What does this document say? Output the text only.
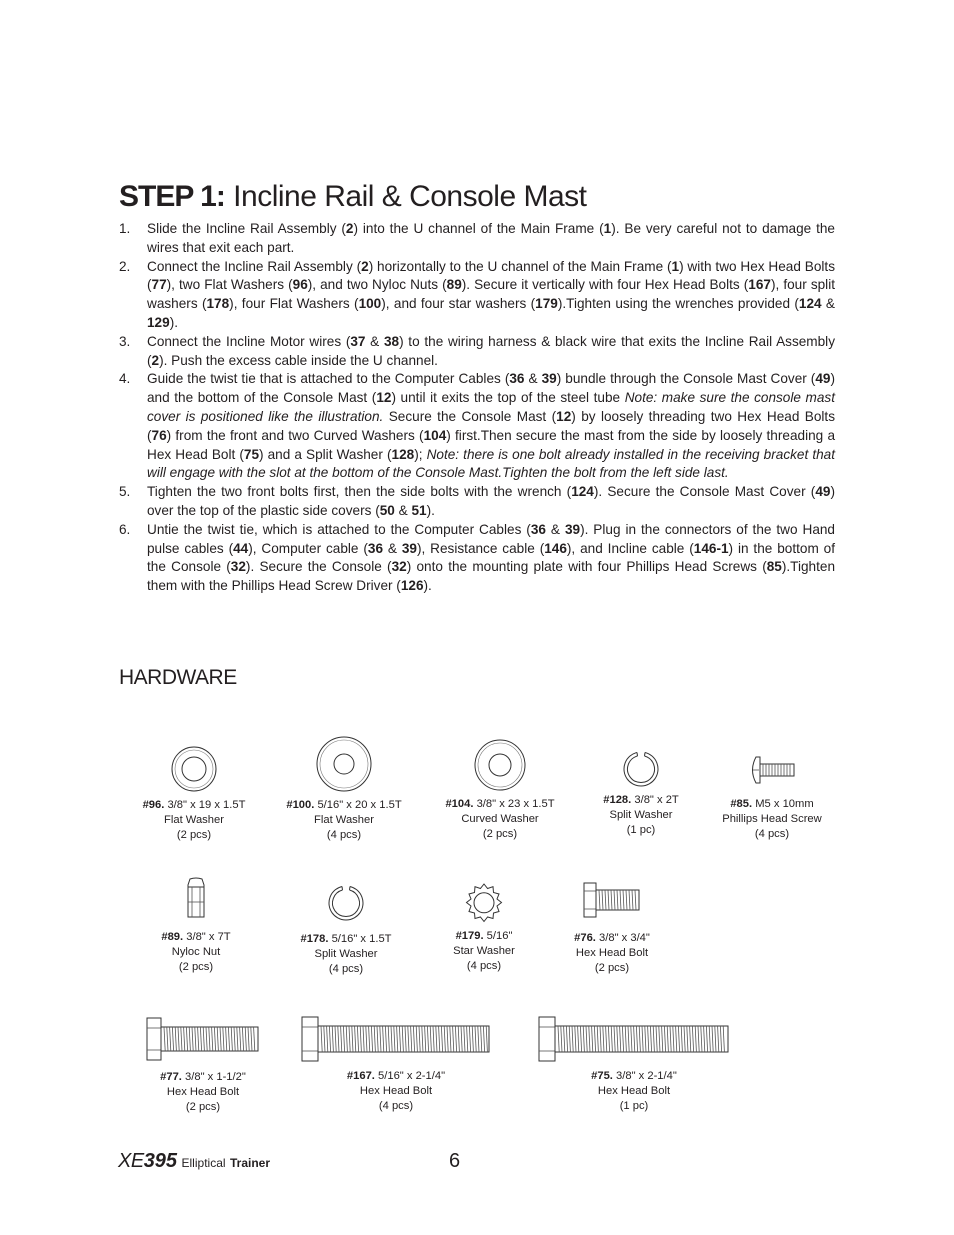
STEP 1: Incline Rail & Console Mast
1. Slide the Incline Rail Assembly (2) into the U channel of the Main Frame (1). Be very careful not to damage the wires that exit each part.
2. Connect the Incline Rail Assembly (2) horizontally to the U channel of the Main Frame (1) with two Hex Head Bolts (77), two Flat Washers (96), and two Nyloc Nuts (89). Secure it vertically with four Hex Head Bolts (167), four split washers (178), four Flat Washers (100), and four star washers (179).Tighten using the wrenches provided (124 & 129).
3. Connect the Incline Motor wires (37 & 38) to the wiring harness & black wire that exits the Incline Rail Assembly (2). Push the excess cable inside the U channel.
4. Guide the twist tie that is attached to the Computer Cables (36 & 39) bundle through the Console Mast Cover (49) and the bottom of the Console Mast (12) until it exits the top of the steel tube Note: make sure the console mast cover is positioned like the illustration. Secure the Console Mast (12) by loosely threading two Hex Head Bolts (76) from the front and two Curved Washers (104) first.Then secure the mast from the side by loosely threading a Hex Head Bolt (75) and a Split Washer (128); Note: there is one bolt already installed in the receiving bracket that will engage with the slot at the bottom of the Console Mast.Tighten the bolt from the left side last.
5. Tighten the two front bolts first, then the side bolts with the wrench (124). Secure the Console Mast Cover (49) over the top of the plastic side covers (50 & 51).
6. Untie the twist tie, which is attached to the Computer Cables (36 & 39). Plug in the connectors of the two Hand pulse cables (44), Computer cable (36 & 39), Resistance cable (146), and Incline cable (146-1) in the bottom of the Console (32). Secure the Console (32) onto the mounting plate with four Phillips Head Screws (85).Tighten them with the Phillips Head Screw Driver (126).
HARDWARE
#96. 3/8" x 19 x 1.5T
Flat Washer
(2 pcs)
#100. 5/16" x 20 x 1.5T
Flat Washer
(4 pcs)
#104. 3/8" x 23 x 1.5T
Curved Washer
(2 pcs)
#128. 3/8" x 2T
Split Washer
(1 pc)
#85. M5 x 10mm
Phillips Head Screw
(4 pcs)
#89. 3/8" x 7T
Nyloc Nut
(2 pcs)
#178. 5/16" x 1.5T
Split Washer
(4 pcs)
#179. 5/16"
Star Washer
(4 pcs)
#76. 3/8" x 3/4"
Hex Head Bolt
(2 pcs)
#77. 3/8" x 1-1/2"
Hex Head Bolt
(2 pcs)
#167. 5/16" x 2-1/4"
Hex Head Bolt
(4 pcs)
#75. 3/8" x 2-1/4"
Hex Head Bolt
(1 pc)
XE395 Elliptical Trainer	6
